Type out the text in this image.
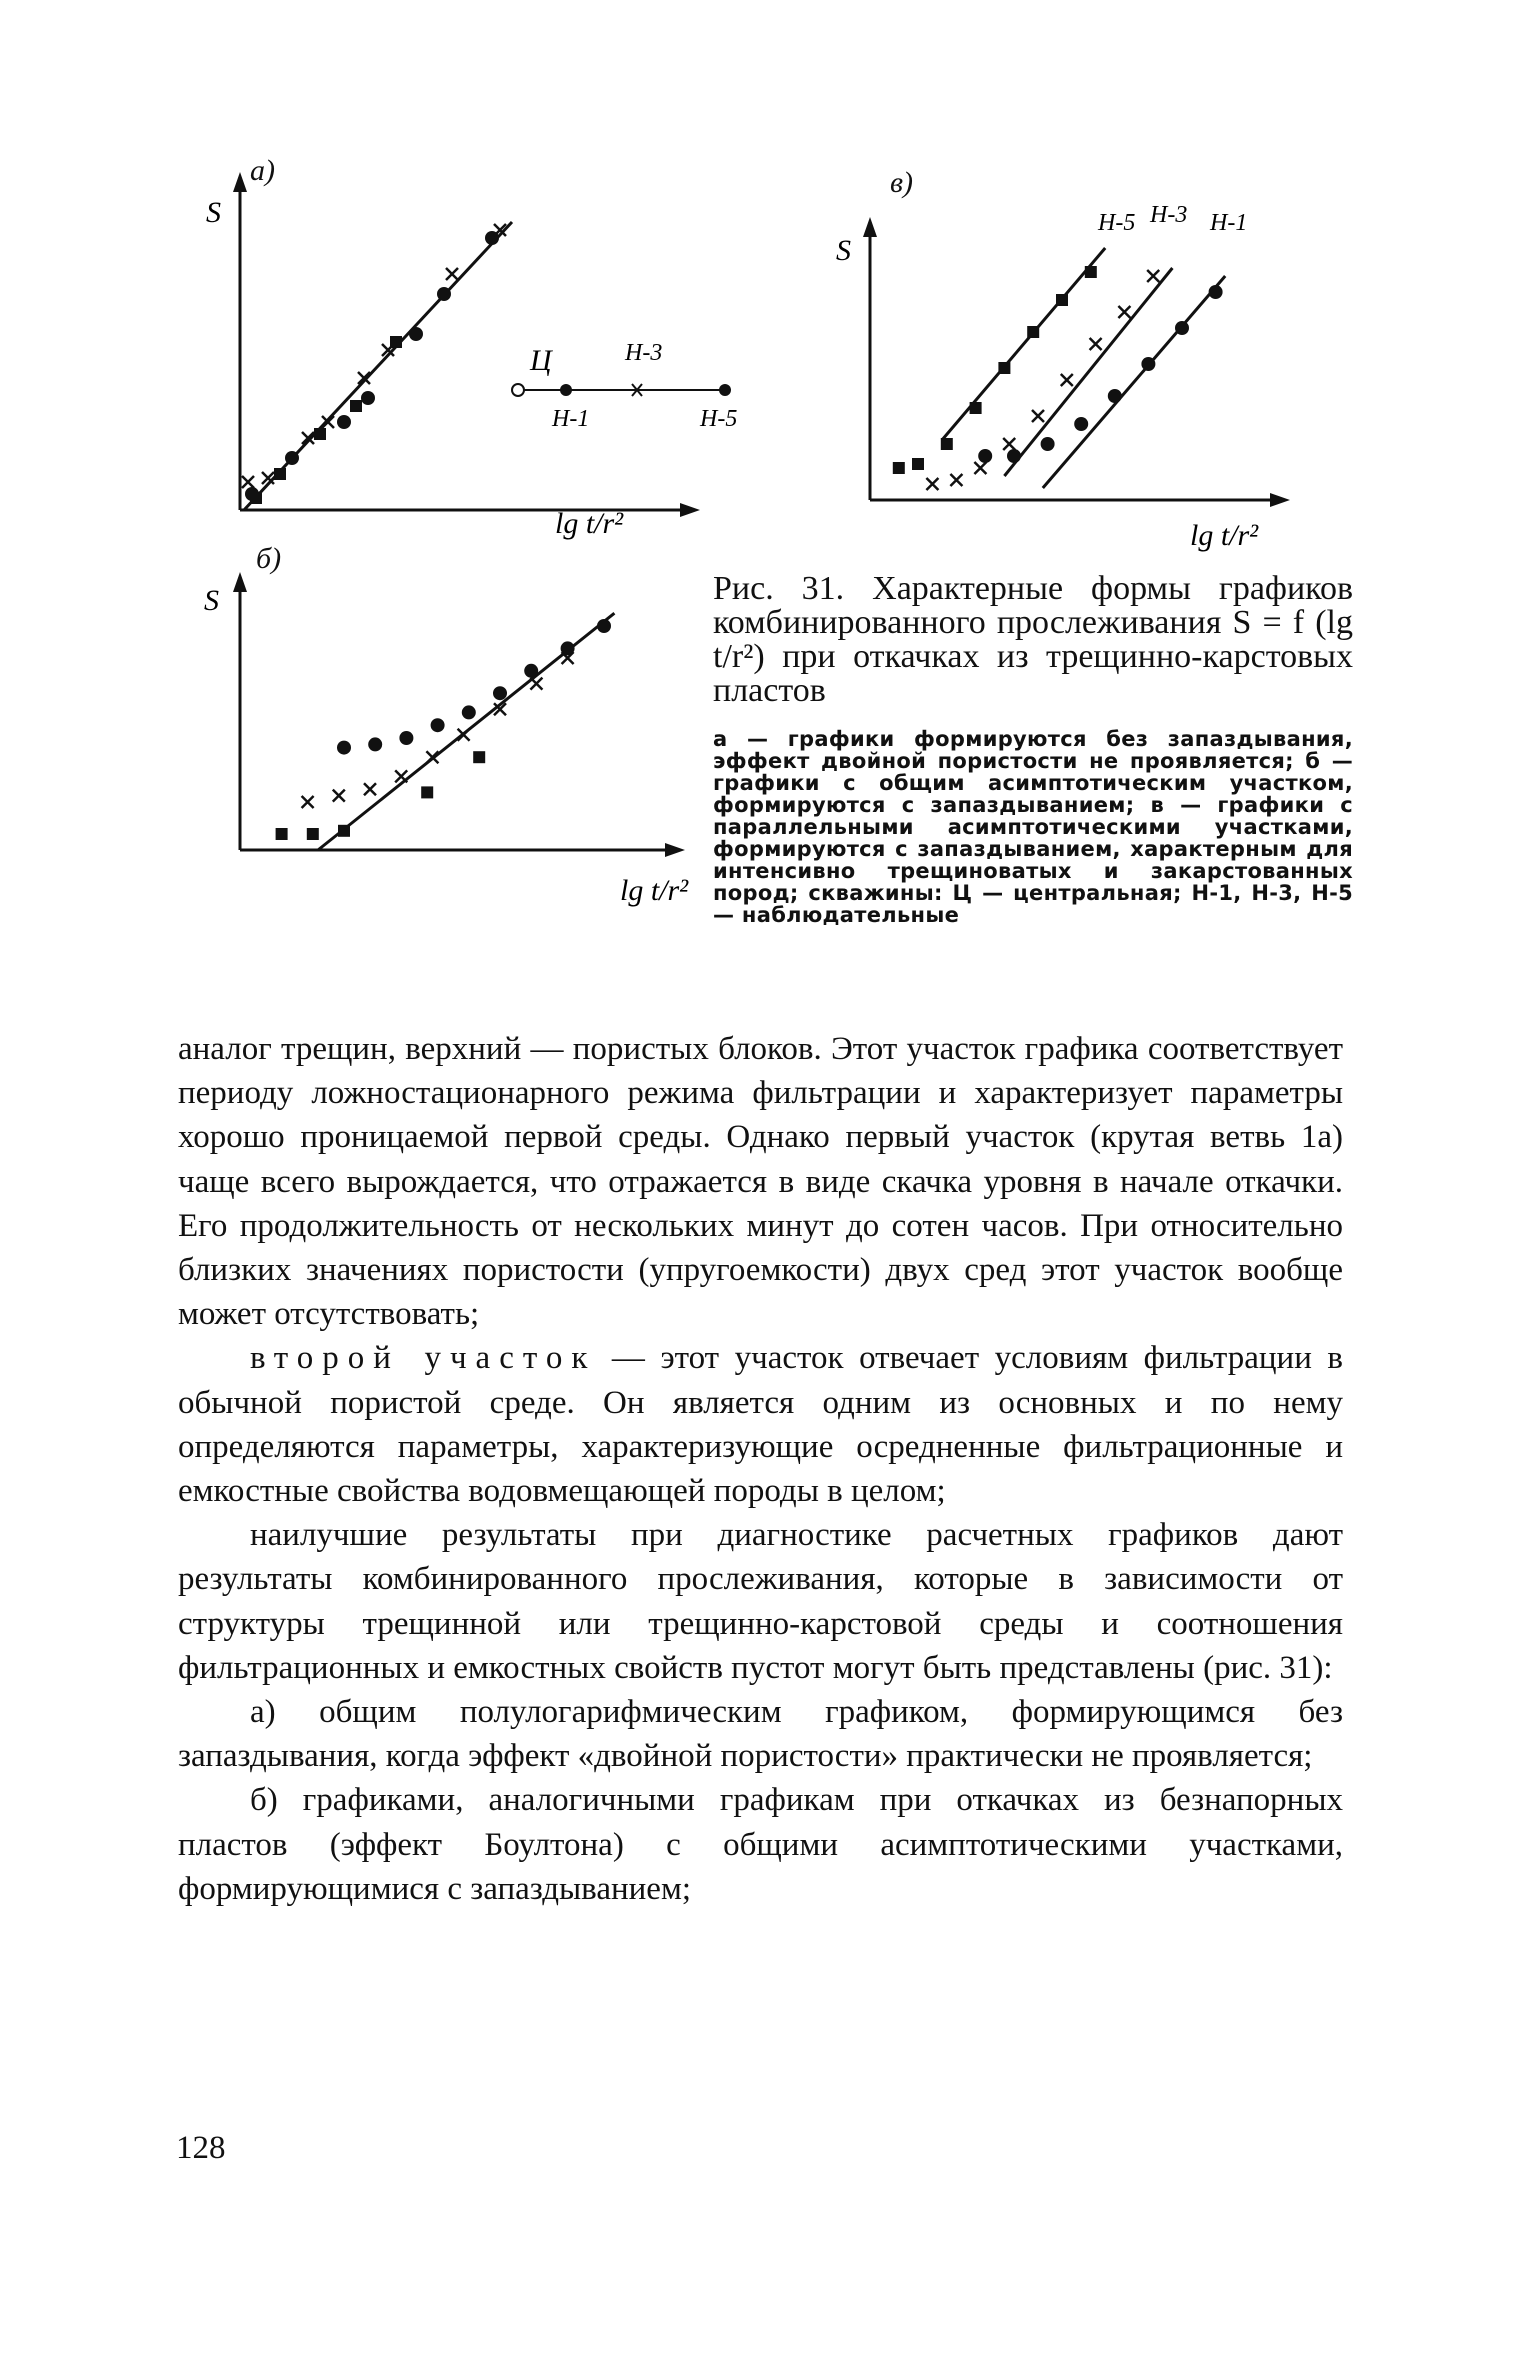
S
lg t/r²
Ц	Н-3
Н-1	Н-5
а)
S
lg t/r²
б)
S
lg t/r²
Н-5 Н-3 Н-1
в)
Рис. 31. Характерные формы графиков комбинированного прослеживания S = f (lg t/r²) при откачках из трещинно-карстовых пластов
а — графики формируются без запаздывания, эффект двойной пористости не проявляется; б — графики с общим асимптотическим участком, формируются с запаздыванием; в — графики с параллельными асимптотическими участками, формируются с запаздыванием, характерным для интенсивно трещиноватых и закарстованных пород; скважины: Ц — центральная; Н-1, Н-3, Н-5 — наблюдательные

аналог трещин, верхний — пористых блоков. Этот участок графика соответствует периоду ложностационарного режима фильтрации и характеризует параметры хорошо проницаемой первой среды. Однако первый участок (крутая ветвь 1а) чаще всего вырождается, что отражается в виде скачка уровня в начале откачки. Его продолжительность от нескольких минут до сотен часов. При относительно близких значениях пористости (упругоемкости) двух сред этот участок вообще может отсутствовать;

второй участок — этот участок отвечает условиям фильтрации в обычной пористой среде. Он является одним из основных и по нему определяются параметры, характеризующие осредненные фильтрационные и емкостные свойства водовмещающей породы в целом;

наилучшие результаты при диагностике расчетных графиков дают результаты комбинированного прослеживания, которые в зависимости от структуры трещинной или трещинно-карстовой среды и соотношения фильтрационных и емкостных свойств пустот могут быть представлены (рис. 31):

а) общим полулогарифмическим графиком, формирующимся без запаздывания, когда эффект «двойной пористости» практически не проявляется;

б) графиками, аналогичными графикам при откачках из безнапорных пластов (эффект Боултона) с общими асимптотическими участками, формирующимися с запаздыванием;

128
